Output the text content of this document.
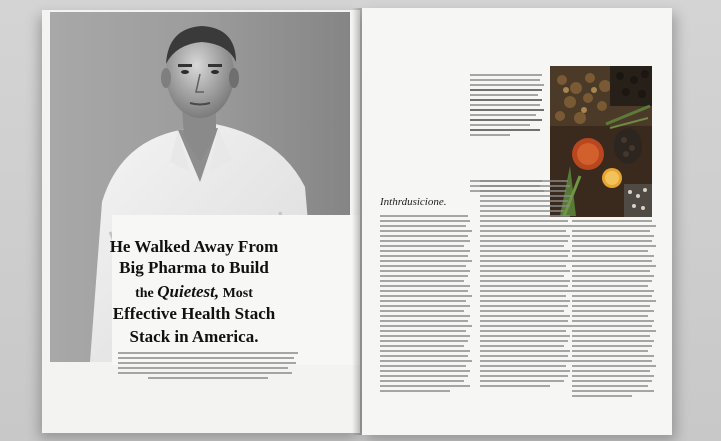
He Walked Away From
Big Pharma to Build
the Quietest, Most
Effective Health Stach
Stack in America.
Inthrdusicione.
